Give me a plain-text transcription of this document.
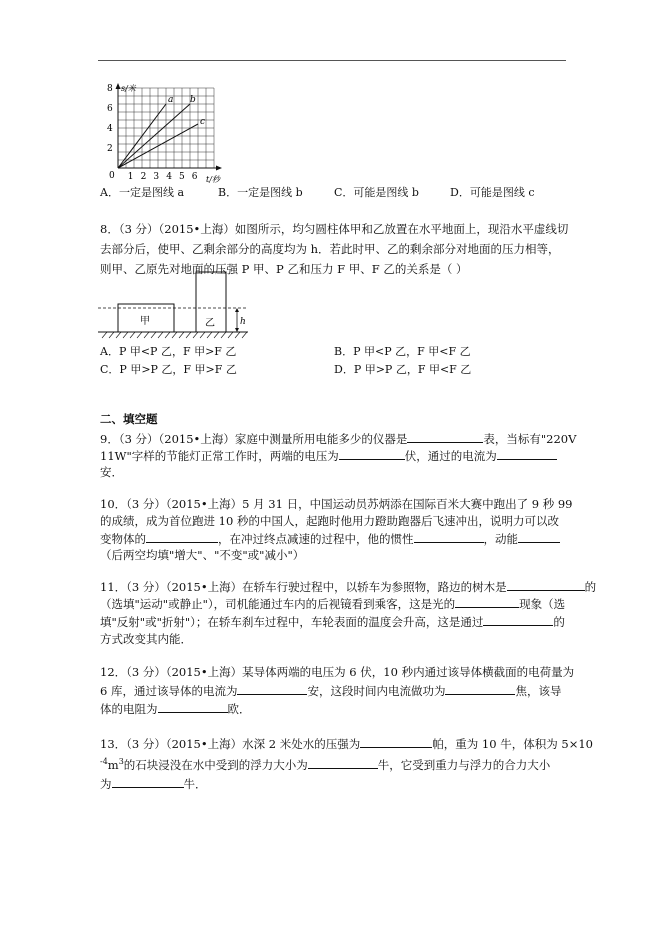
s/米
t/秒
0
8
6
4
2
1 2 3 4 5 6
a b
c
A．一定是图线 a	B．一定是图线 b	C．可能是图线 b	D．可能是图线 c
8．（3 分）（2015•上海）如图所示，均匀圆柱体甲和乙放置在水平地面上，现沿水平虚线切
去部分后，使甲、乙剩余部分的高度均为 h．若此时甲、乙的剩余部分对地面的压力相等，
则甲、乙原先对地面的压强 P 甲、P 乙和压力 F 甲、F 乙的关系是（ ）
甲	乙	h
A．P 甲<P 乙，F 甲>F 乙	B．P 甲<P 乙，F 甲<F 乙
C．P 甲>P 乙，F 甲>F 乙	D．P 甲>P 乙，F 甲<F 乙
二、填空题
9．（3 分）（2015•上海）家庭中测量所用电能多少的仪器是	表，当标有"220V
11W"字样的节能灯正常工作时，两端的电压为	伏，通过的电流为
安．
10．（3 分）（2015•上海）5 月 31 日，中国运动员苏炳添在国际百米大赛中跑出了 9 秒 99
的成绩，成为首位跑进 10 秒的中国人，起跑时他用力蹬助跑器后飞速冲出，说明力可以改
变物体的	，在冲过终点减速的过程中，他的惯性	，动能
（后两空均填"增大"、"不变"或"减小"）
11．（3 分）（2015•上海）在轿车行驶过程中，以轿车为参照物，路边的树木是	的
（选填"运动"或静止"），司机能通过车内的后视镜看到乘客，这是光的	现象（选
填"反射"或"折射"）；在轿车刹车过程中，车轮表面的温度会升高，这是通过	的
方式改变其内能．
12．（3 分）（2015•上海）某导体两端的电压为 6 伏，10 秒内通过该导体横截面的电荷量为
6 库，通过该导体的电流为	安，这段时间内电流做功为	焦，该导
体的电阻为	欧．
13．（3 分）（2015•上海）水深 2 米处水的压强为	帕，重为 10 牛，体积为 5×10
$^{-4}m^3$的石块浸没在水中受到的浮力大小为	牛，它受到重力与浮力的合力大小
为	牛．
